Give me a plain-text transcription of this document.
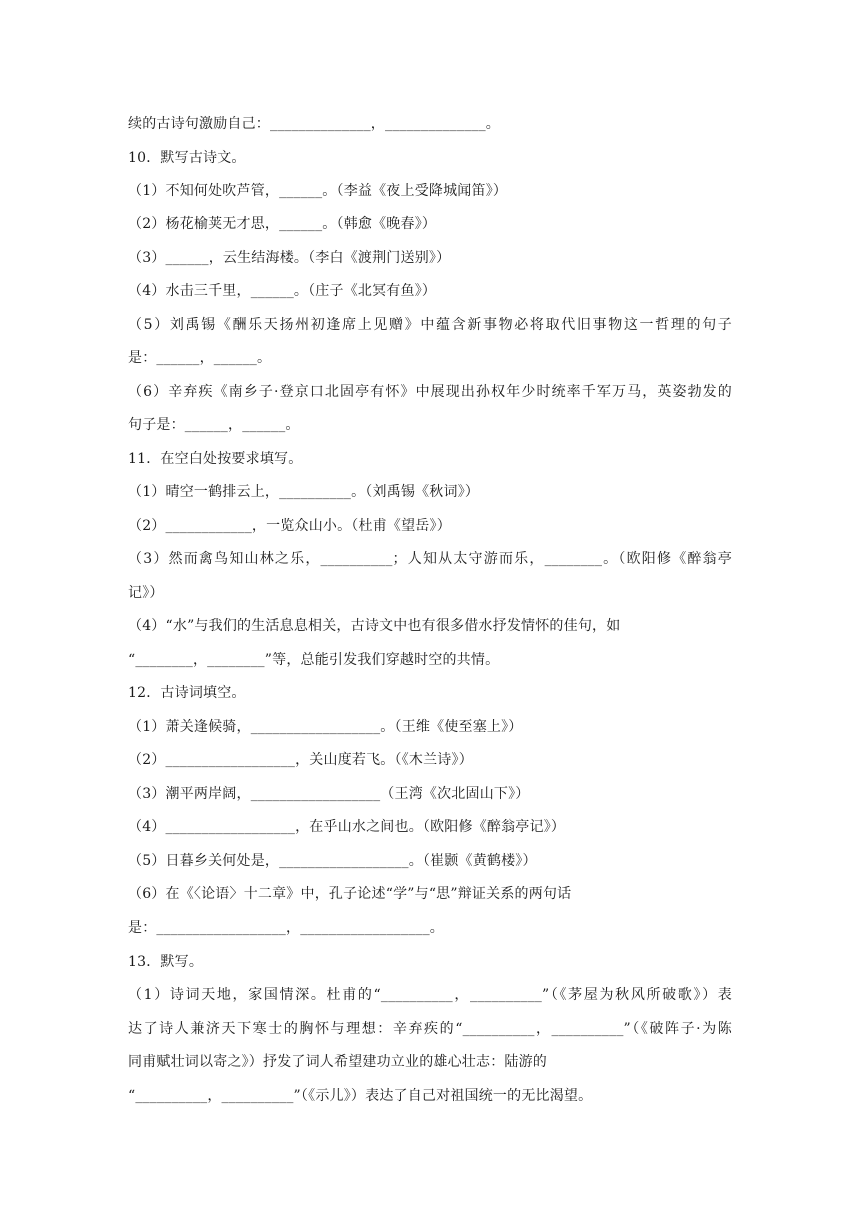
续的古诗句激励自己：______________，______________。
10．默写古诗文。
（1）不知何处吹芦管，______。（李益《夜上受降城闻笛》）
（2）杨花榆荚无才思，______。（韩愈《晚春》）
（3）______，云生结海楼。（李白《渡荆门送别》）
（4）水击三千里，______。（庄子《北冥有鱼》）
（5）刘禹锡《酬乐天扬州初逢席上见赠》中蕴含新事物必将取代旧事物这一哲理的句子
是：______，______。
（6）辛弃疾《南乡子·登京口北固亭有怀》中展现出孙权年少时统率千军万马，英姿勃发的
句子是：______，______。
11．在空白处按要求填写。
（1）晴空一鹤排云上，__________。（刘禹锡《秋词》）
（2）____________，一览众山小。（杜甫《望岳》）
（3）然而禽鸟知山林之乐，__________；人知从太守游而乐，________。（欧阳修《醉翁亭
记》）
（4）“水”与我们的生活息息相关，古诗文中也有很多借水抒发情怀的佳句，如
“________，________”等，总能引发我们穿越时空的共情。
12．古诗词填空。
（1）萧关逢候骑，__________________。（王维《使至塞上》）
（2）__________________，关山度若飞。（《木兰诗》）
（3）潮平两岸阔，__________________（王湾《次北固山下》）
（4）__________________，在乎山水之间也。（欧阳修《醉翁亭记》）
（5）日暮乡关何处是，__________________。（崔颢《黄鹤楼》）
（6）在《〈论语〉十二章》中，孔子论述“学”与“思”辩证关系的两句话
是：__________________，__________________。
13．默写。
（1）诗词天地，家国情深。杜甫的“__________，__________”（《茅屋为秋风所破歌》）表
达了诗人兼济天下寒士的胸怀与理想：辛弃疾的“__________，__________”（《破阵子·为陈
同甫赋壮词以寄之》）抒发了词人希望建功立业的雄心壮志：陆游的
“__________，__________”（《示儿》）表达了自己对祖国统一的无比渴望。
